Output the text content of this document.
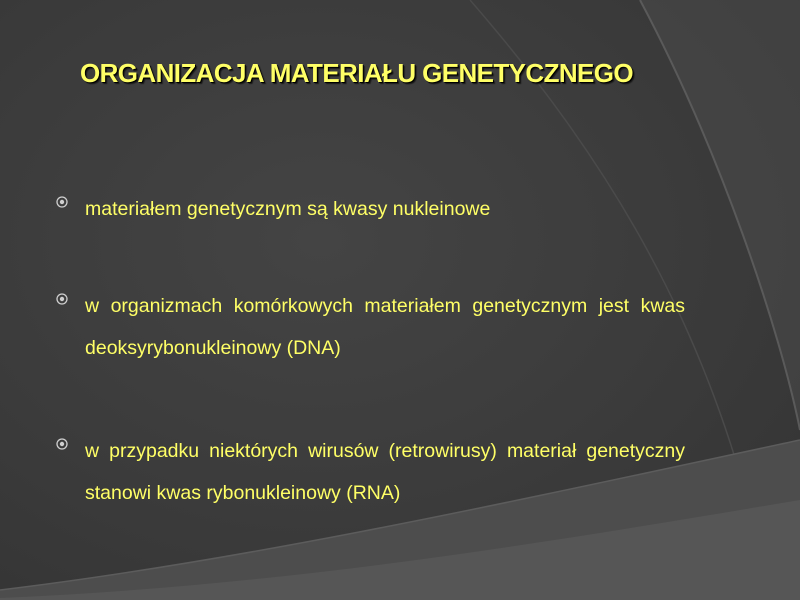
ORGANIZACJA MATERIAŁU GENETYCZNEGO

materiałem genetycznym są kwasy nukleinowe

w organizmach komórkowych materiałem genetycznym jest kwas deoksyrybonukleinowy (DNA)

w przypadku niektórych wirusów (retrowirusy) materiał genetyczny stanowi kwas rybonukleinowy (RNA)
